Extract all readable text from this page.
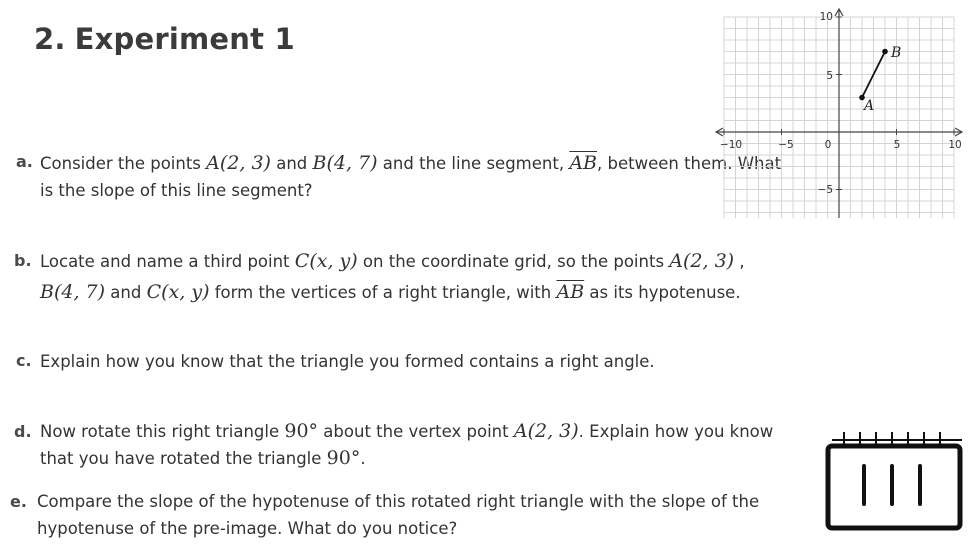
2. Experiment 1
a. Consider the points A(2, 3) and B(4, 7) and the line segment, $\overline{AB}$, between them. What
is the slope of this line segment?
b. Locate and name a third point C(x, y) on the coordinate grid, so the points A(2, 3) ,
B(4, 7) and C(x, y) form the vertices of a right triangle, with $\overline{AB}$ as its hypotenuse.
c. Explain how you know that the triangle you formed contains a right angle.
d. Now rotate this right triangle 90° about the vertex point A(2, 3). Explain how you know
that you have rotated the triangle 90°.
e. Compare the slope of the hypotenuse of this rotated right triangle with the slope of the
hypotenuse of the pre-image. What do you notice?
−10	−5	0	5	10
10
5
−5
A
B
